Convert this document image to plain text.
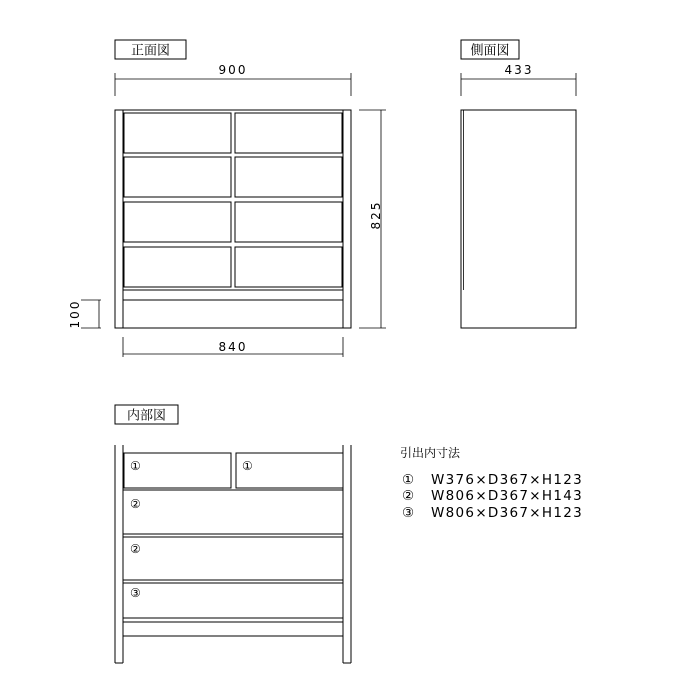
正面図
900
825
100
840
側面図
433
内部図
①	①
②
②
③
引出内寸法
① W376×D367×H123
② W806×D367×H143
③ W806×D367×H123
